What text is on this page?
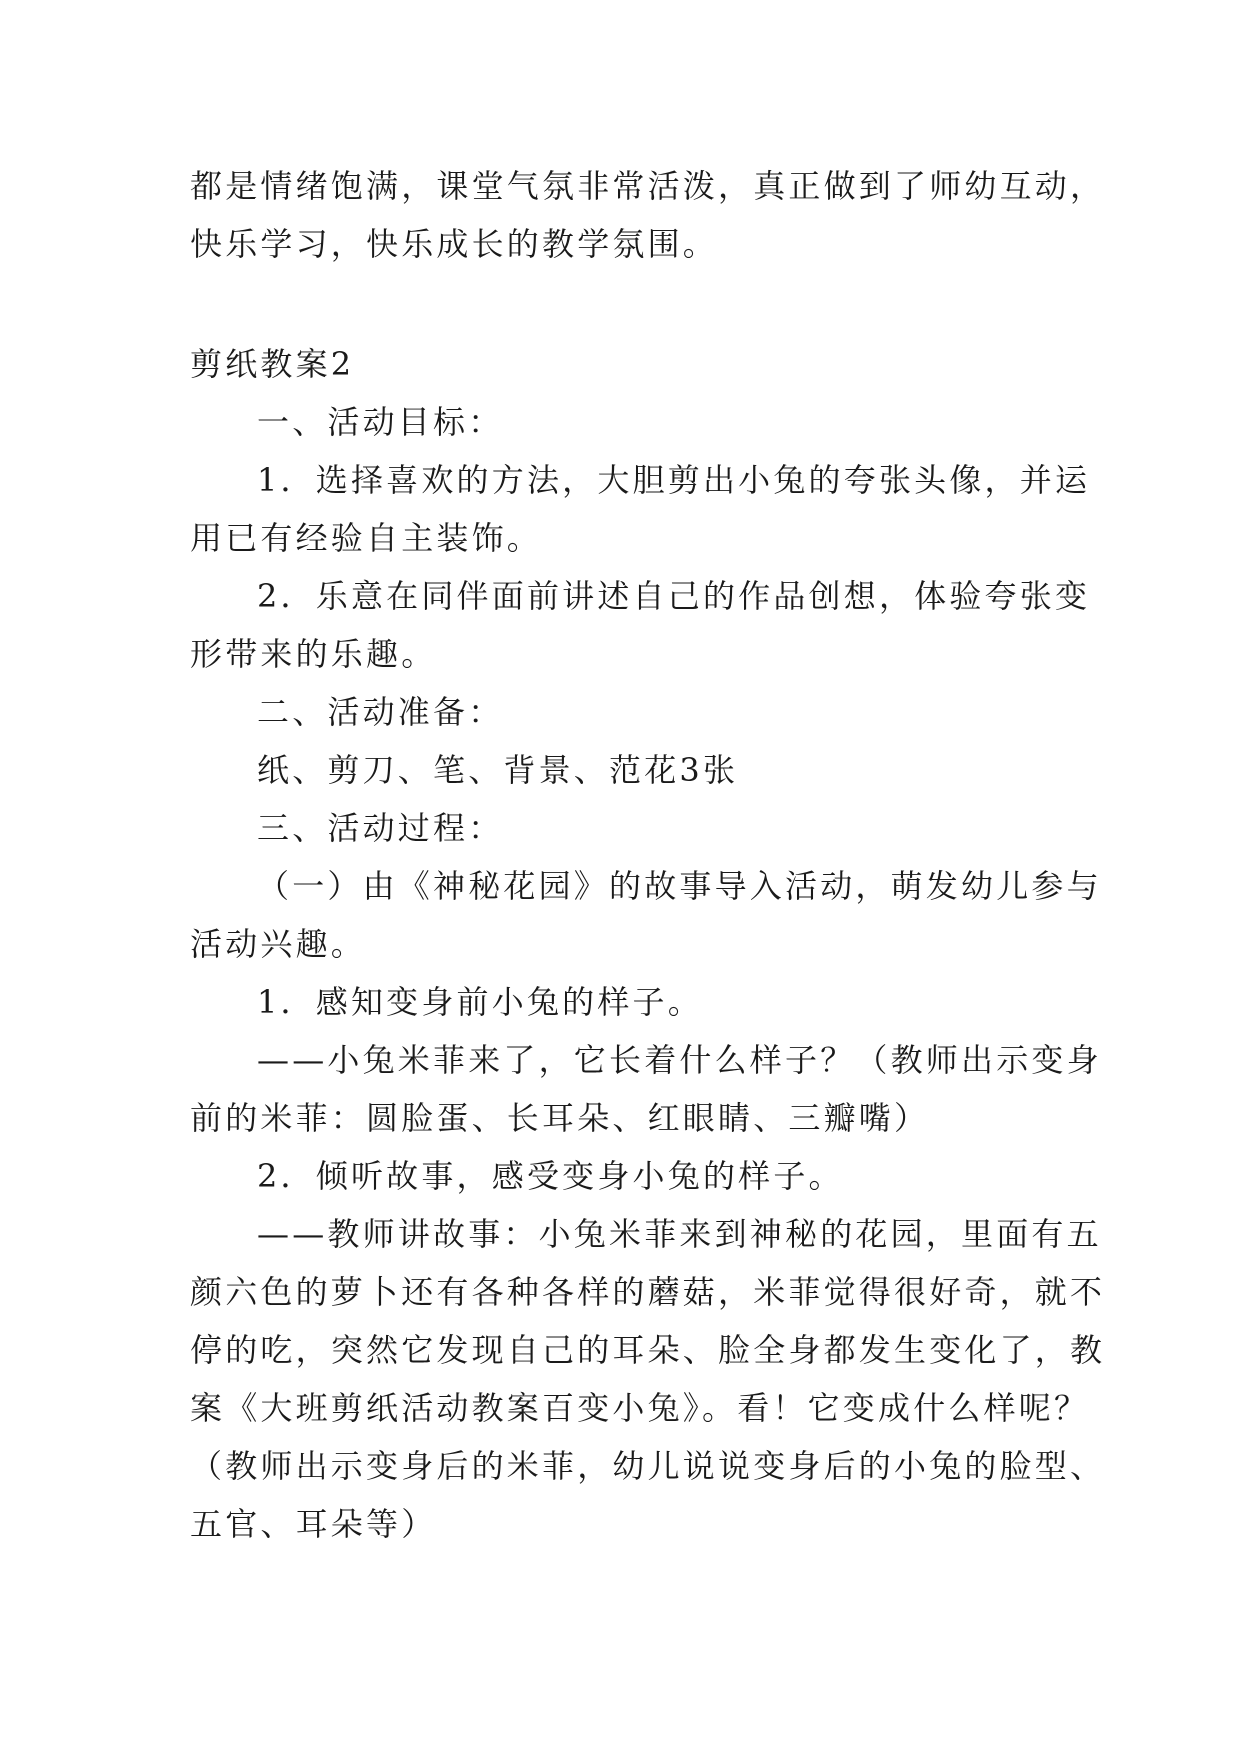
都是情绪饱满，课堂气氛非常活泼，真正做到了师幼互动，
快乐学习，快乐成长的教学氛围。
剪纸教案2
一、活动目标：
1．选择喜欢的方法，大胆剪出小兔的夸张头像，并运
用已有经验自主装饰。
2．乐意在同伴面前讲述自己的作品创想，体验夸张变
形带来的乐趣。
二、活动准备：
纸、剪刀、笔、背景、范花3张
三、活动过程：
（一）由《神秘花园》的故事导入活动，萌发幼儿参与
活动兴趣。
1．感知变身前小兔的样子。
——小兔米菲来了，它长着什么样子？（教师出示变身
前的米菲：圆脸蛋、长耳朵、红眼睛、三瓣嘴）
2．倾听故事，感受变身小兔的样子。
——教师讲故事：小兔米菲来到神秘的花园，里面有五
颜六色的萝卜还有各种各样的蘑菇，米菲觉得很好奇，就不
停的吃，突然它发现自己的耳朵、脸全身都发生变化了，教
案《大班剪纸活动教案百变小兔》。看！它变成什么样呢？
（教师出示变身后的米菲，幼儿说说变身后的小兔的脸型、
五官、耳朵等）
